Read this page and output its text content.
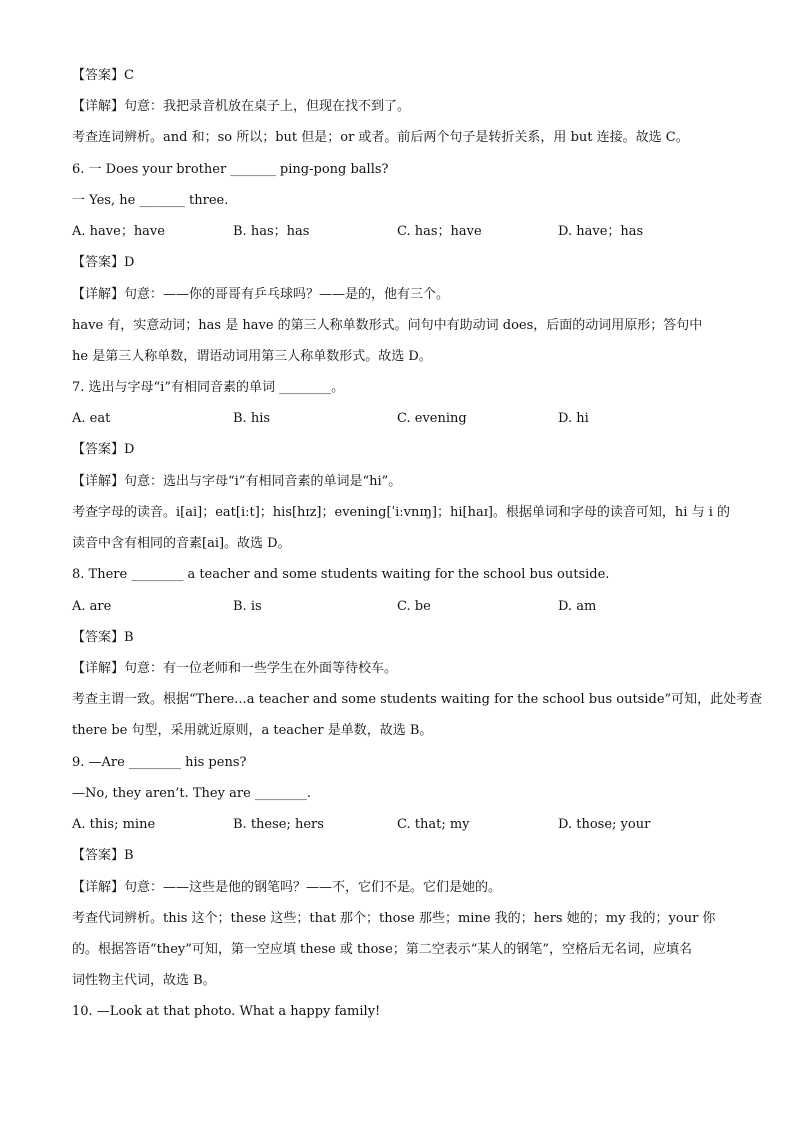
【答案】C
【详解】句意：我把录音机放在桌子上，但现在找不到了。
考查连词辨析。and 和；so 所以；but 但是；or 或者。前后两个句子是转折关系，用 but 连接。故选 C。
6. 一 Does your brother _______ ping-pong balls?
一 Yes, he _______ three.
A. have；have	B. has；has	C. has；have	D. have；has
【答案】D
【详解】句意：——你的哥哥有乒乓球吗？——是的，他有三个。
have 有，实意动词；has 是 have 的第三人称单数形式。问句中有助动词 does，后面的动词用原形；答句中
he 是第三人称单数，谓语动词用第三人称单数形式。故选 D。
7. 选出与字母“i”有相同音素的单词 ________。
A. eat	B. his	C. evening	D. hi
【答案】D
【详解】句意：选出与字母“i”有相同音素的单词是“hi”。
考查字母的读音。i[ai]；eat[iːt]；his[hɪz]；evening[ˈiːvnɪŋ]；hi[haɪ]。根据单词和字母的读音可知，hi 与 i 的
读音中含有相同的音素[ai]。故选 D。
8. There ________ a teacher and some students waiting for the school bus outside.
A. are	B. is	C. be	D. am
【答案】B
【详解】句意：有一位老师和一些学生在外面等待校车。
考查主谓一致。根据“There...a teacher and some students waiting for the school bus outside”可知，此处考查
there be 句型，采用就近原则，a teacher 是单数，故选 B。
9. —Are ________ his pens?
—No, they aren’t. They are ________.
A. this; mine	B. these; hers	C. that; my	D. those; your
【答案】B
【详解】句意：——这些是他的钢笔吗？——不，它们不是。它们是她的。
考查代词辨析。this 这个；these 这些；that 那个；those 那些；mine 我的；hers 她的；my 我的；your 你
的。根据答语“they”可知，第一空应填 these 或 those；第二空表示“某人的钢笔”，空格后无名词，应填名
词性物主代词，故选 B。
10. —Look at that photo. What a happy family!
